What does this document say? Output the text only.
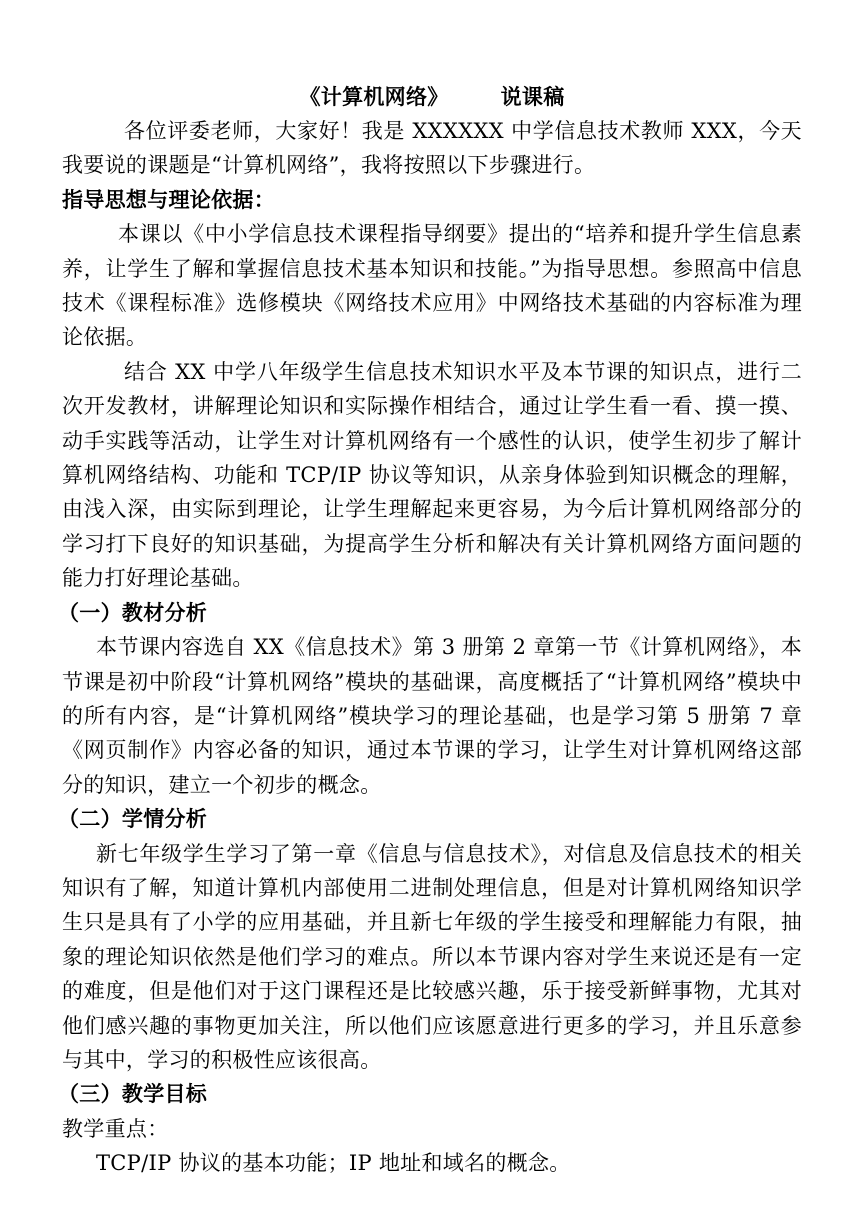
《计算机网络》 说课稿

各位评委老师，大家好！我是 XXXXXX 中学信息技术教师 XXX，今天我要说的课题是“计算机网络”，我将按照以下步骤进行。

指导思想与理论依据：

本课以《中小学信息技术课程指导纲要》提出的“培养和提升学生信息素养，让学生了解和掌握信息技术基本知识和技能。”为指导思想。参照高中信息技术《课程标准》选修模块《网络技术应用》中网络技术基础的内容标准为理论依据。

结合 XX 中学八年级学生信息技术知识水平及本节课的知识点，进行二次开发教材，讲解理论知识和实际操作相结合，通过让学生看一看、摸一摸、动手实践等活动，让学生对计算机网络有一个感性的认识，使学生初步了解计算机网络结构、功能和 TCP/IP 协议等知识，从亲身体验到知识概念的理解，由浅入深，由实际到理论，让学生理解起来更容易，为今后计算机网络部分的学习打下良好的知识基础，为提高学生分析和解决有关计算机网络方面问题的能力打好理论基础。

（一）教材分析

本节课内容选自 XX《信息技术》第 3 册第 2 章第一节《计算机网络》，本节课是初中阶段“计算机网络”模块的基础课，高度概括了“计算机网络”模块中的所有内容，是“计算机网络”模块学习的理论基础，也是学习第 5 册第 7 章《网页制作》内容必备的知识，通过本节课的学习，让学生对计算机网络这部分的知识，建立一个初步的概念。

（二）学情分析

新七年级学生学习了第一章《信息与信息技术》，对信息及信息技术的相关知识有了解，知道计算机内部使用二进制处理信息，但是对计算机网络知识学生只是具有了小学的应用基础，并且新七年级的学生接受和理解能力有限，抽象的理论知识依然是他们学习的难点。所以本节课内容对学生来说还是有一定的难度，但是他们对于这门课程还是比较感兴趣，乐于接受新鲜事物，尤其对他们感兴趣的事物更加关注，所以他们应该愿意进行更多的学习，并且乐意参与其中，学习的积极性应该很高。

（三）教学目标

教学重点：

TCP/IP 协议的基本功能；IP 地址和域名的概念。
